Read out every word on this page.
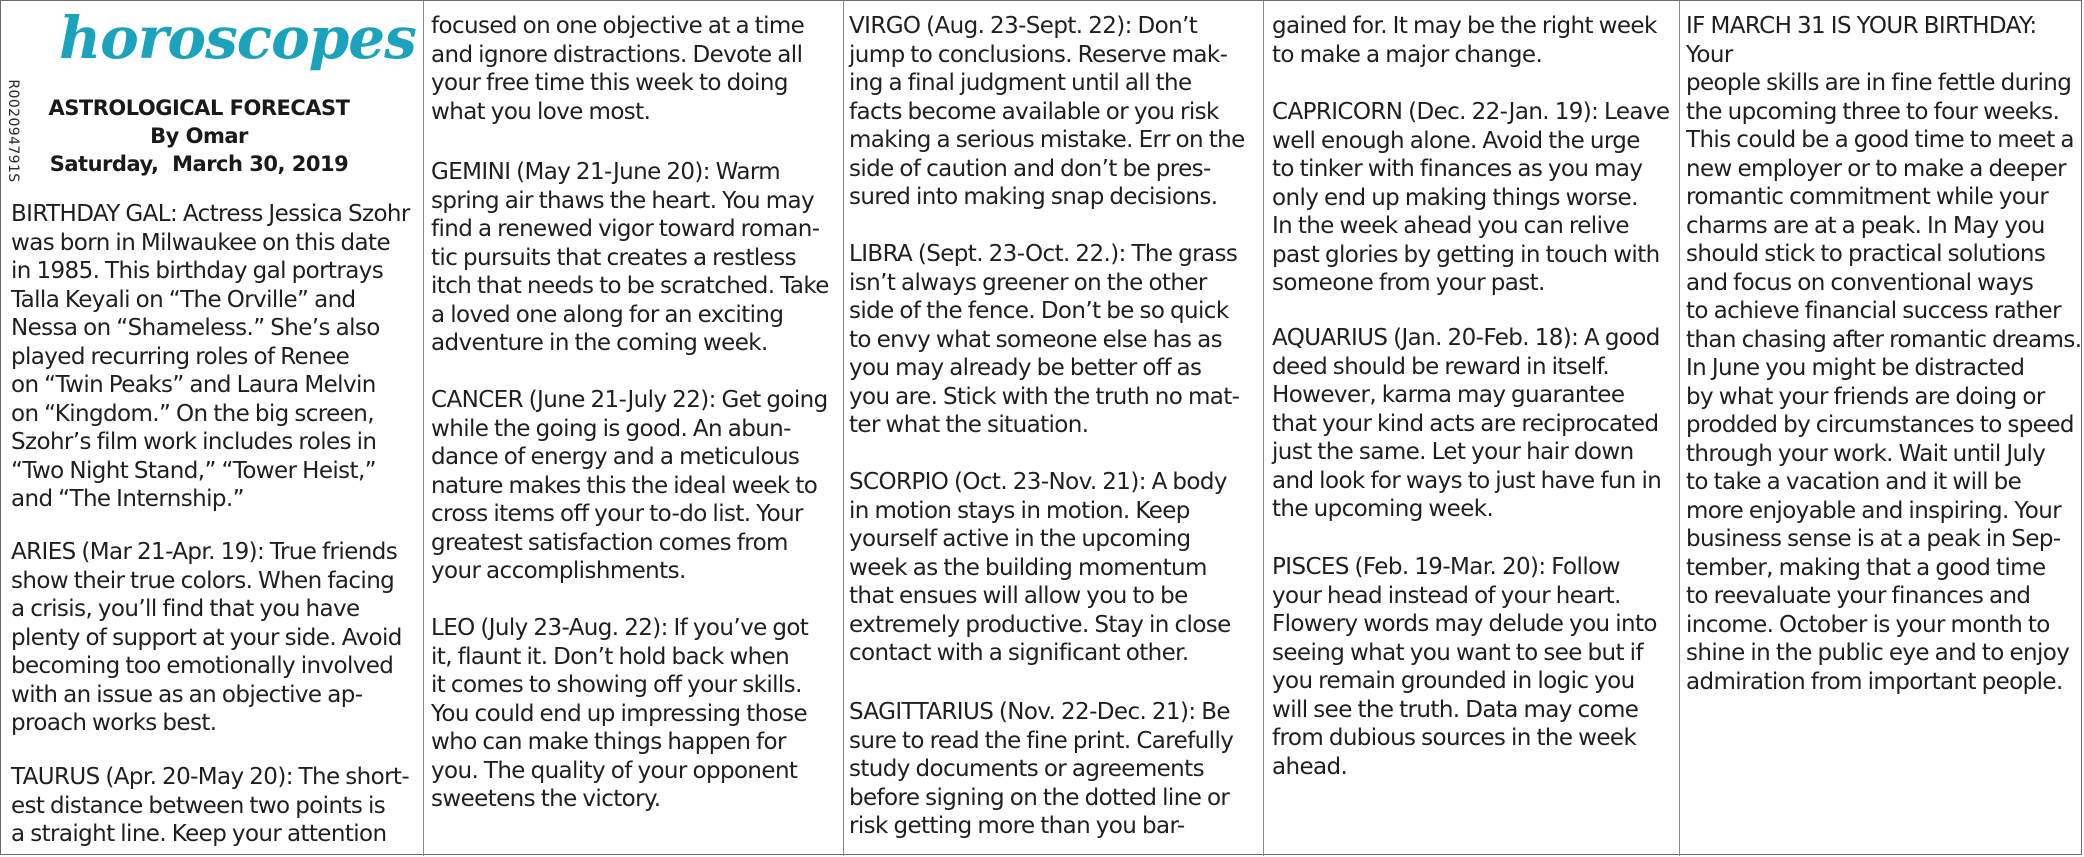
horoscopes
R002094791S	ASTROLOGICAL FORECAST
By Omar
Saturday,  March 30, 2019

BIRTHDAY GAL: Actress Jessica Szohr
was born in Milwaukee on this date
in 1985. This birthday gal portrays
Talla Keyali on “The Orville” and
Nessa on “Shameless.” She’s also
played recurring roles of Renee
on “Twin Peaks” and Laura Melvin
on “Kingdom.” On the big screen,
Szohr’s film work includes roles in
“Two Night Stand,” “Tower Heist,”
and “The Internship.”

ARIES (Mar 21-Apr. 19): True friends
show their true colors. When facing
a crisis, you’ll find that you have
plenty of support at your side. Avoid
becoming too emotionally involved
with an issue as an objective ap-
proach works best.

TAURUS (Apr. 20-May 20): The short-
est distance between two points is
a straight line. Keep your attention

focused on one objective at a time
and ignore distractions. Devote all
your free time this week to doing
what you love most.

GEMINI (May 21-June 20): Warm
spring air thaws the heart. You may
find a renewed vigor toward roman-
tic pursuits that creates a restless
itch that needs to be scratched. Take
a loved one along for an exciting
adventure in the coming week.

CANCER (June 21-July 22): Get going
while the going is good. An abun-
dance of energy and a meticulous
nature makes this the ideal week to
cross items off your to-do list. Your
greatest satisfaction comes from
your accomplishments.

LEO (July 23-Aug. 22): If you’ve got
it, flaunt it. Don’t hold back when
it comes to showing off your skills.
You could end up impressing those
who can make things happen for
you. The quality of your opponent
sweetens the victory.

VIRGO (Aug. 23-Sept. 22): Don’t
jump to conclusions. Reserve mak-
ing a final judgment until all the
facts become available or you risk
making a serious mistake. Err on the
side of caution and don’t be pres-
sured into making snap decisions.

LIBRA (Sept. 23-Oct. 22.): The grass
isn’t always greener on the other
side of the fence. Don’t be so quick
to envy what someone else has as
you may already be better off as
you are. Stick with the truth no mat-
ter what the situation.

SCORPIO (Oct. 23-Nov. 21): A body
in motion stays in motion. Keep
yourself active in the upcoming
week as the building momentum
that ensues will allow you to be
extremely productive. Stay in close
contact with a significant other.

SAGITTARIUS (Nov. 22-Dec. 21): Be
sure to read the fine print. Carefully
study documents or agreements
before signing on the dotted line or
risk getting more than you bar-

gained for. It may be the right week
to make a major change.

CAPRICORN (Dec. 22-Jan. 19): Leave
well enough alone. Avoid the urge
to tinker with finances as you may
only end up making things worse.
In the week ahead you can relive
past glories by getting in touch with
someone from your past.

AQUARIUS (Jan. 20-Feb. 18): A good
deed should be reward in itself.
However, karma may guarantee
that your kind acts are reciprocated
just the same. Let your hair down
and look for ways to just have fun in
the upcoming week.

PISCES (Feb. 19-Mar. 20): Follow
your head instead of your heart.
Flowery words may delude you into
seeing what you want to see but if
you remain grounded in logic you
will see the truth. Data may come
from dubious sources in the week
ahead.

IF MARCH 31 IS YOUR BIRTHDAY: Your
people skills are in fine fettle during
the upcoming three to four weeks.
This could be a good time to meet a
new employer or to make a deeper
romantic commitment while your
charms are at a peak. In May you
should stick to practical solutions
and focus on conventional ways
to achieve financial success rather
than chasing after romantic dreams.
In June you might be distracted
by what your friends are doing or
prodded by circumstances to speed
through your work. Wait until July
to take a vacation and it will be
more enjoyable and inspiring. Your
business sense is at a peak in Sep-
tember, making that a good time
to reevaluate your finances and
income. October is your month to
shine in the public eye and to enjoy
admiration from important people.
